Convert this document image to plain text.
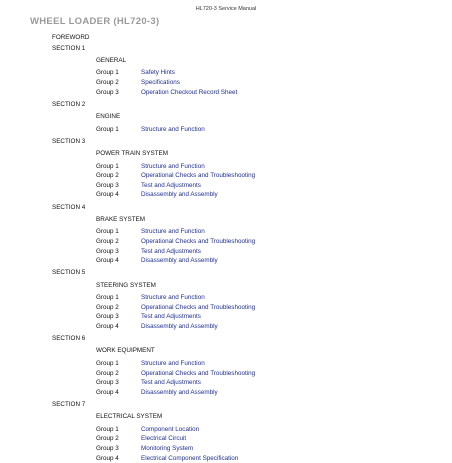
HL720-3 Service Manual
WHEEL LOADER (HL720-3)
FOREWORD
SECTION 1
GENERAL
Group 1	Safety Hints
Group 2	Specifications
Group 3	Operation Checkout Record Sheet
SECTION 2
ENGINE
Group 1	Structure and Function
SECTION 3
POWER TRAIN SYSTEM
Group 1	Structure and Function
Group 2	Operational Checks and Troubleshooting
Group 3	Test and Adjustments
Group 4	Disassembly and Assembly
SECTION 4
BRAKE SYSTEM
Group 1	Structure and Function
Group 2	Operational Checks and Troubleshooting
Group 3	Test and Adjustments
Group 4	Disassembly and Assembly
SECTION 5
STEERING SYSTEM
Group 1	Structure and Function
Group 2	Operational Checks and Troubleshooting
Group 3	Test and Adjustments
Group 4	Disassembly and Assembly
SECTION 6
WORK EQUIPMENT
Group 1	Structure and Function
Group 2	Operational Checks and Troubleshooting
Group 3	Test and Adjustments
Group 4	Disassembly and Assembly
SECTION 7
ELECTRICAL SYSTEM
Group 1	Component Location
Group 2	Electrical Circuit
Group 3	Monitoring System
Group 4	Electrical Component Specification
